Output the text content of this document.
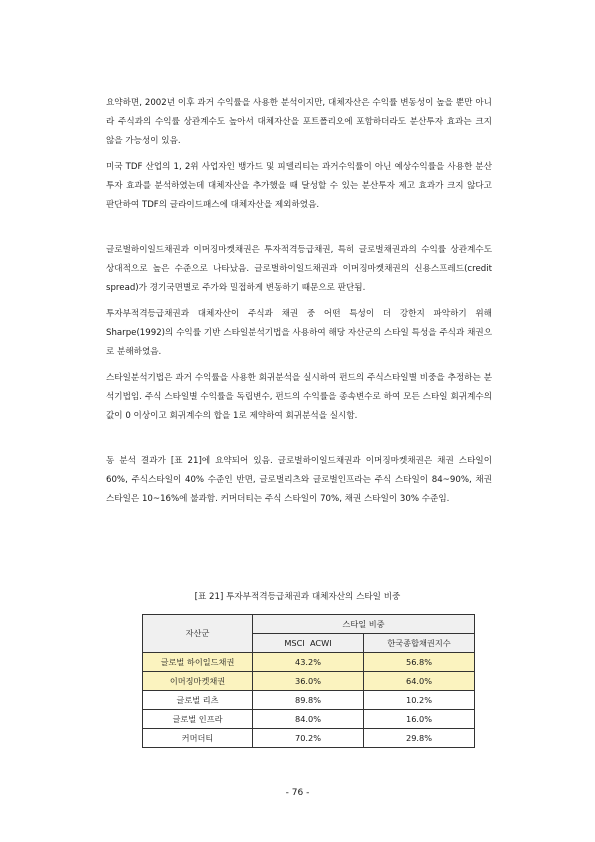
요약하면, 2002년 이후 과거 수익률을 사용한 분석이지만, 대체자산은 수익률 변동성이 높을 뿐만 아니라 주식과의 수익률 상관계수도 높아서 대체자산을 포트폴리오에 포함하더라도 분산투자 효과는 크지 않을 가능성이 있음.

미국 TDF 산업의 1, 2위 사업자인 뱅가드 및 피델리티는 과거수익률이 아닌 예상수익률을 사용한 분산투자 효과를 분석하였는데 대체자산을 추가했을 때 달성할 수 있는 분산투자 제고 효과가 크지 않다고 판단하여 TDF의 글라이드패스에 대체자산을 제외하였음.

글로벌하이일드채권과 이머징마켓채권은 투자적격등급채권, 특히 글로벌채권과의 수익률 상관계수도 상대적으로 높은 수준으로 나타났음. 글로벌하이일드채권과 이머징마켓채권의 신용스프레드(credit spread)가 경기국면별로 주가와 밀접하게 변동하기 때문으로 판단됨.

투자부적격등급채권과 대체자산이 주식과 채권 중 어떤 특성이 더 강한지 파악하기 위해 Sharpe(1992)의 수익률 기반 스타일분석기법을 사용하여 해당 자산군의 스타일 특성을 주식과 채권으로 분해하였음.

스타일분석기법은 과거 수익률을 사용한 회귀분석을 실시하여 펀드의 주식스타일별 비중을 추정하는 분석기법임. 주식 스타일별 수익률을 독립변수, 펀드의 수익률을 종속변수로 하여 모든 스타일 회귀계수의 값이 0 이상이고 회귀계수의 합을 1로 제약하여 회귀분석을 실시함.

동 분석 결과가 [표 21]에 요약되어 있음. 글로벌하이일드채권과 이머징마켓채권은 채권 스타일이 60%, 주식스타일이 40% 수준인 반면, 글로벌리츠와 글로벌인프라는 주식 스타일이 84~90%, 채권 스타일은 10~16%에 불과함. 커머더티는 주식 스타일이 70%, 채권 스타일이 30% 수준임.

[표 21] 투자부적격등급채권과 대체자산의 스타일 비중

자산군	스타일 비중	
	MSCI  ACWI	한국종합채권지수
글로벌 하이일드채권	43.2%	56.8%
이머징마켓채권	36.0%	64.0%
글로벌 리츠	89.8%	10.2%
글로벌 인프라	84.0%	16.0%
커머더티	70.2%	29.8%

- 76 -
